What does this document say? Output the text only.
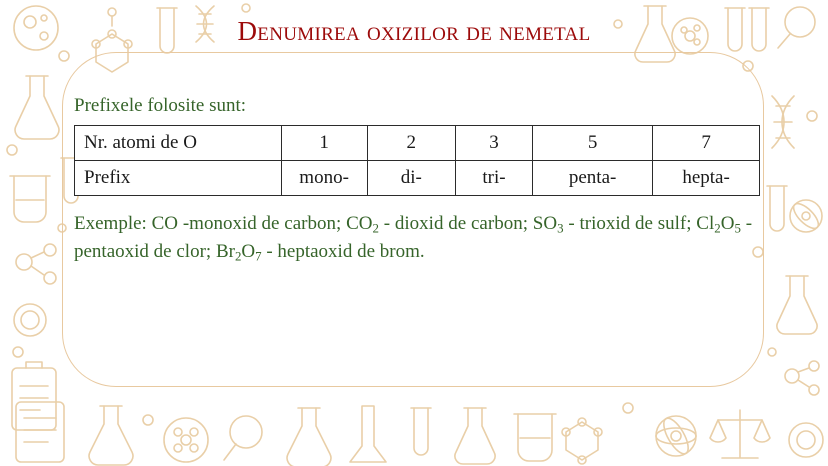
Denumirea oxizilor de nemetal

Prefixele folosite sunt:

Nr. atomi de O	1	2	3	5	7
Prefix	mono-	di-	tri-	penta-	hepta-

Exemple: CO -monoxid de carbon; $CO_2$ - dioxid de carbon; $SO_3$ - trioxid de sulf; $Cl_2O_5$ - pentaoxid de clor; $Br_2O_7$ - heptaoxid de brom.
